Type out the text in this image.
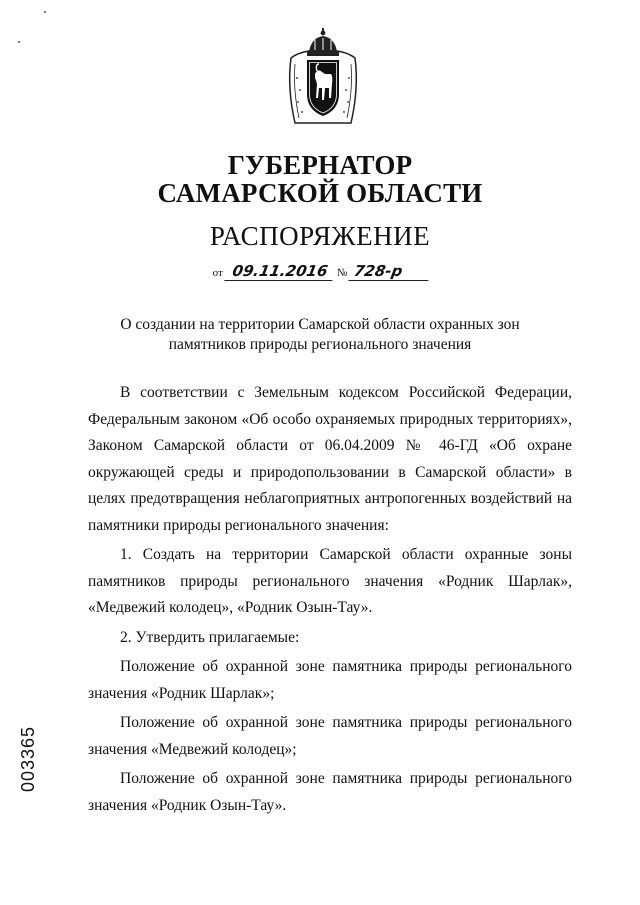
ГУБЕРНАТОР
САМАРСКОЙ ОБЛАСТИ
РАСПОРЯЖЕНИЕ
от 09.11.2016 № 728-р
О создании на территории Самарской области охранных зон
памятников природы регионального значения

В соответствии с Земельным кодексом Российской Федерации, Федеральным законом «Об особо охраняемых природных территориях», Законом Самарской области от 06.04.2009 № 46-ГД «Об охране окружающей среды и природопользовании в Самарской области» в целях предотвращения неблагоприятных антропогенных воздействий на памятники природы регионального значения:

1. Создать на территории Самарской области охранные зоны памятников природы регионального значения «Родник Шарлак», «Медвежий колодец», «Родник Озын-Тау».

2. Утвердить прилагаемые:

Положение об охранной зоне памятника природы регионального значения «Родник Шарлак»;

Положение об охранной зоне памятника природы регионального значения «Медвежий колодец»;

Положение об охранной зоне памятника природы регионального значения «Родник Озын-Тау».

003365
